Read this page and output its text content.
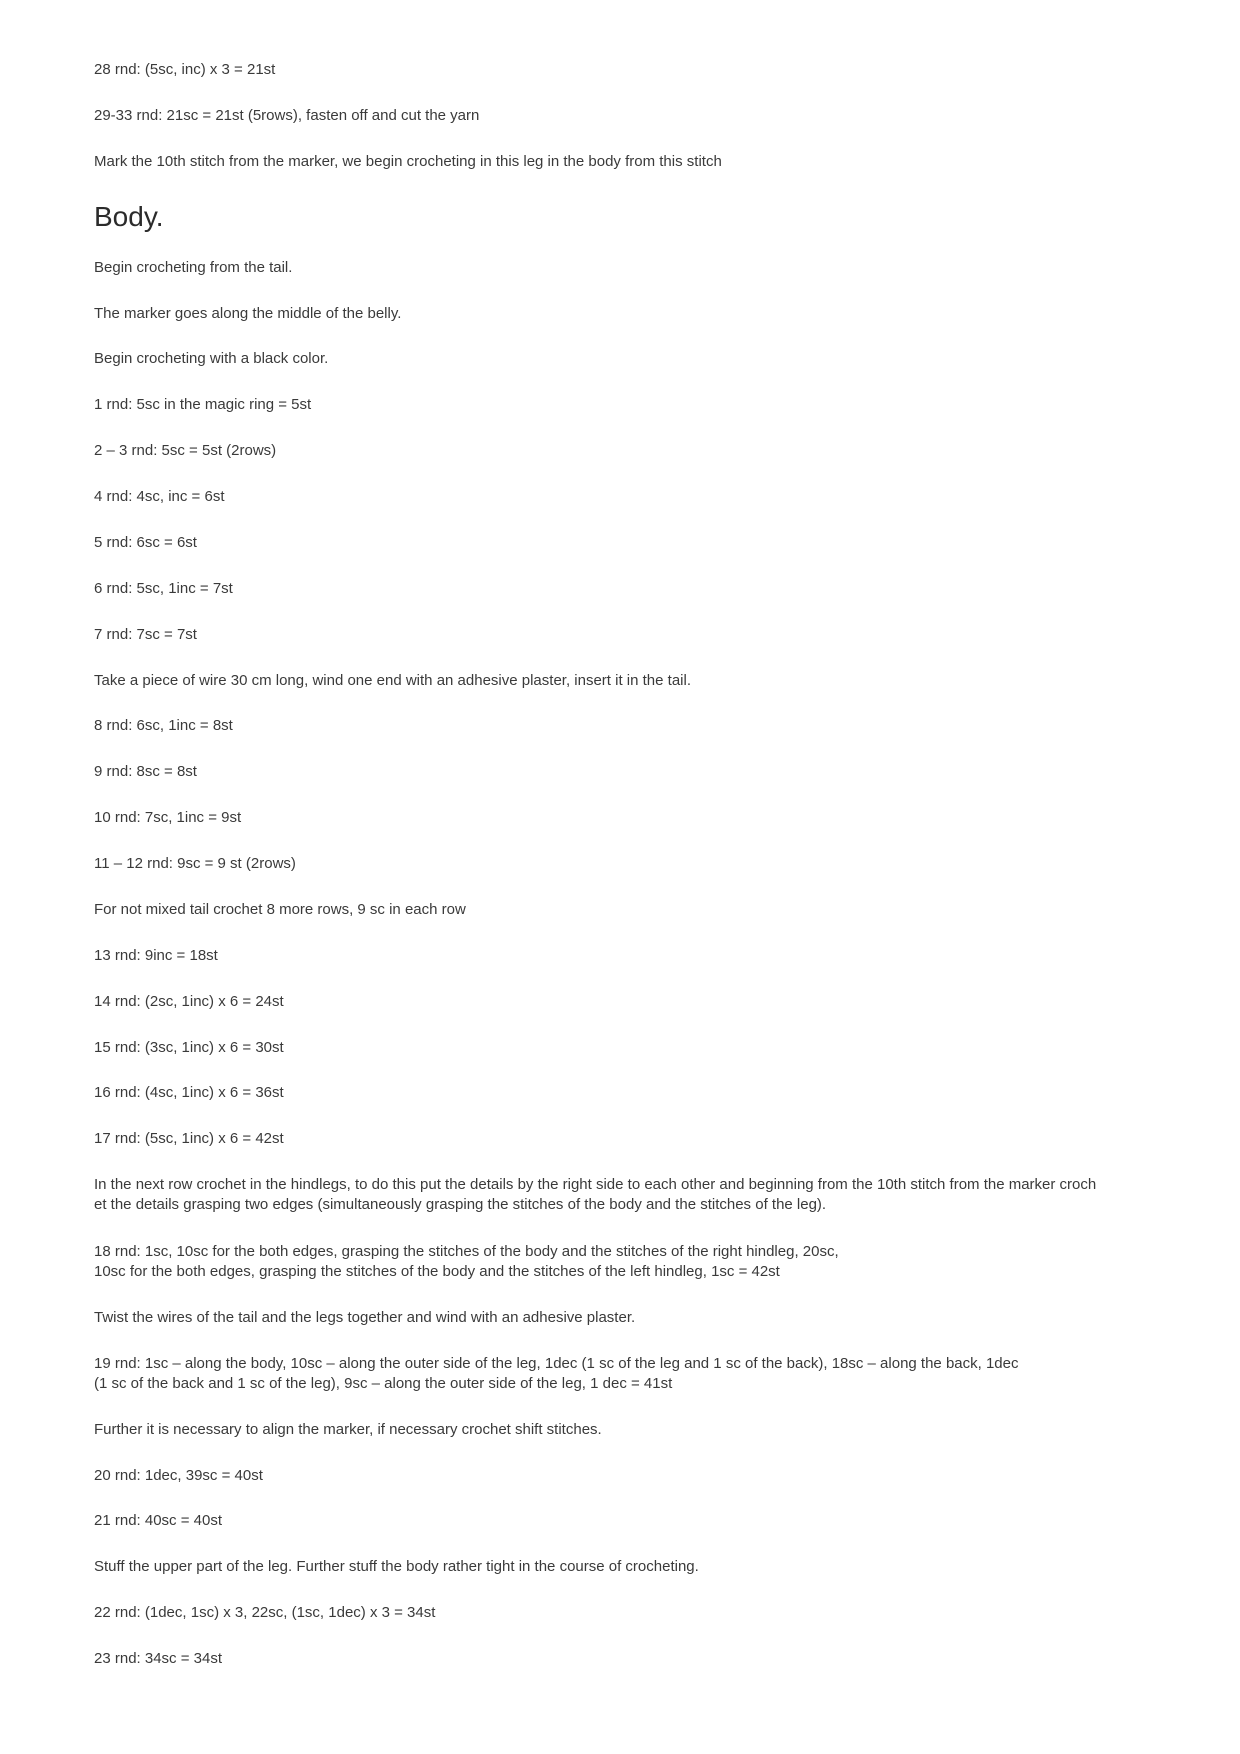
28 rnd: (5sc, inc) x 3 = 21st
29-33 rnd: 21sc = 21st (5rows), fasten off and cut the yarn
Mark the 10th stitch from the marker, we begin crocheting in this leg in the body from this stitch
Body.
Begin crocheting from the tail.
The marker goes along the middle of the belly.
Begin crocheting with a black color.
1 rnd: 5sc in the magic ring = 5st
2 – 3 rnd: 5sc = 5st (2rows)
4 rnd: 4sc, inc = 6st
5 rnd: 6sc = 6st
6 rnd: 5sc, 1inc = 7st
7 rnd: 7sc = 7st
Take a piece of wire 30 cm long, wind one end with an adhesive plaster, insert it in the tail.
8 rnd: 6sc, 1inc = 8st
9 rnd: 8sc = 8st
10 rnd: 7sc, 1inc = 9st
11 – 12 rnd: 9sc = 9 st (2rows)
For not mixed tail crochet 8 more rows, 9 sc in each row
13 rnd: 9inc = 18st
14 rnd: (2sc, 1inc) x 6 = 24st
15 rnd: (3sc, 1inc) x 6 = 30st
16 rnd: (4sc, 1inc) x 6 = 36st
17 rnd: (5sc, 1inc) x 6 = 42st
In the next row crochet in the hindlegs, to do this put the details by the right side to each other and beginning from the 10th stitch from the marker croch
et the details grasping two edges (simultaneously grasping the stitches of the body and the stitches of the leg).
18 rnd: 1sc, 10sc for the both edges, grasping the stitches of the body and the stitches of the right hindleg, 20sc,
10sc for the both edges, grasping the stitches of the body and the stitches of the left hindleg, 1sc = 42st
Twist the wires of the tail and the legs together and wind with an adhesive plaster.
19 rnd: 1sc – along the body, 10sc – along the outer side of the leg, 1dec (1 sc of the leg and 1 sc of the back), 18sc – along the back, 1dec
(1 sc of the back and 1 sc of the leg), 9sc – along the outer side of the leg, 1 dec = 41st
Further it is necessary to align the marker, if necessary crochet shift stitches.
20 rnd: 1dec, 39sc = 40st
21 rnd: 40sc = 40st
Stuff the upper part of the leg. Further stuff the body rather tight in the course of crocheting.
22 rnd: (1dec, 1sc) x 3, 22sc, (1sc, 1dec) x 3 = 34st
23 rnd: 34sc = 34st
